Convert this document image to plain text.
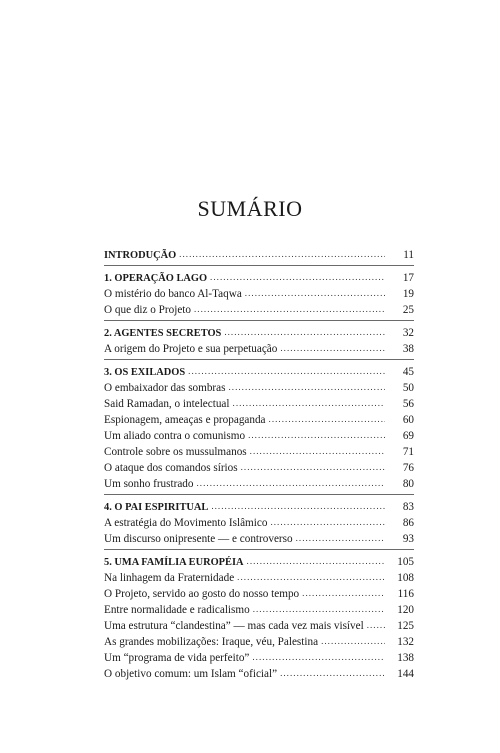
SUMÁRIO
INTRODUÇÃO . . .	11
1. OPERAÇÃO LAGO . . .	17
O mistério do banco Al-Taqwa . . .	19
O que diz o Projeto . . .	25
2. AGENTES SECRETOS . . .	32
A origem do Projeto e sua perpetuação . . .	38
3. OS EXILADOS . . .	45
O embaixador das sombras . . .	50
Said Ramadan, o intelectual . . .	56
Espionagem, ameaças e propaganda . . .	60
Um aliado contra o comunismo . . .	69
Controle sobre os mussulmanos . . .	71
O ataque dos comandos sírios . . .	76
Um sonho frustrado . . .	80
4. O PAI ESPIRITUAL . . .	83
A estratégia do Movimento Islâmico . . .	86
Um discurso onipresente — e controverso . . .	93
5. UMA FAMÍLIA EUROPÉIA . . .	105
Na linhagem da Fraternidade . . .	108
O Projeto, servido ao gosto do nosso tempo . . .	116
Entre normalidade e radicalismo . . .	120
Uma estrutura “clandestina” — mas cada vez mais visível . . .	125
As grandes mobilizações: Iraque, véu, Palestina . . .	132
Um “programa de vida perfeito” . . .	138
O objetivo comum: um Islam “oficial” . . .	144
